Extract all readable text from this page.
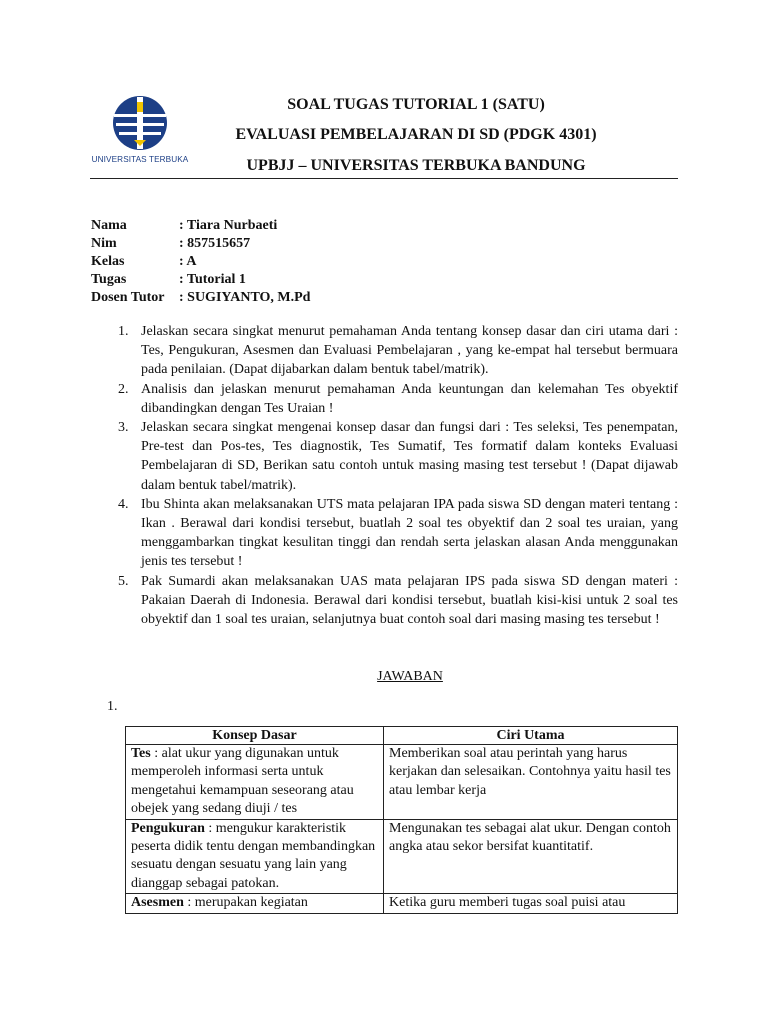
UNIVERSITAS TERBUKA
SOAL TUGAS TUTORIAL 1 (SATU)
EVALUASI PEMBELAJARAN DI SD (PDGK 4301)
UPBJJ – UNIVERSITAS TERBUKA BANDUNG
Nama	: Tiara Nurbaeti
Nim	: 857515657
Kelas	: A
Tugas	: Tutorial 1
Dosen Tutor : SUGIYANTO, M.Pd
1. Jelaskan secara singkat menurut pemahaman Anda tentang konsep dasar dan ciri utama dari : Tes, Pengukuran, Asesmen dan Evaluasi Pembelajaran , yang ke-empat hal tersebut bermuara pada penilaian. (Dapat dijabarkan dalam bentuk tabel/matrik).
2. Analisis dan jelaskan menurut pemahaman Anda keuntungan dan kelemahan Tes obyektif dibandingkan dengan Tes Uraian !
3. Jelaskan secara singkat mengenai konsep dasar dan fungsi dari : Tes seleksi, Tes penempatan, Pre-test dan Pos-tes, Tes diagnostik, Tes Sumatif, Tes formatif dalam konteks Evaluasi Pembelajaran di SD, Berikan satu contoh untuk masing masing test tersebut ! (Dapat dijawab dalam bentuk tabel/matrik).
4. Ibu Shinta akan melaksanakan UTS mata pelajaran IPA pada siswa SD dengan materi tentang : Ikan . Berawal dari kondisi tersebut, buatlah 2 soal tes obyektif dan 2 soal tes uraian, yang menggambarkan tingkat kesulitan tinggi dan rendah serta jelaskan alasan Anda menggunakan jenis tes tersebut !
5. Pak Sumardi akan melaksanakan UAS mata pelajaran IPS pada siswa SD dengan materi : Pakaian Daerah di Indonesia. Berawal dari kondisi tersebut, buatlah kisi-kisi untuk 2 soal tes obyektif dan 1 soal tes uraian, selanjutnya buat contoh soal dari masing masing tes tersebut !
JAWABAN
1.
Konsep Dasar	Ciri Utama
Tes : alat ukur yang digunakan untuk memperoleh informasi serta untuk mengetahui kemampuan seseorang atau obejek yang sedang diuji / tes	Memberikan soal atau perintah yang harus kerjakan dan selesaikan. Contohnya yaitu hasil tes atau lembar kerja
Pengukuran : mengukur karakteristik peserta didik tentu dengan membandingkan sesuatu dengan sesuatu yang lain yang dianggap sebagai patokan.	Mengunakan tes sebagai alat ukur. Dengan contoh angka atau sekor bersifat kuantitatif.
Asesmen : merupakan kegiatan	Ketika guru memberi tugas soal puisi atau
